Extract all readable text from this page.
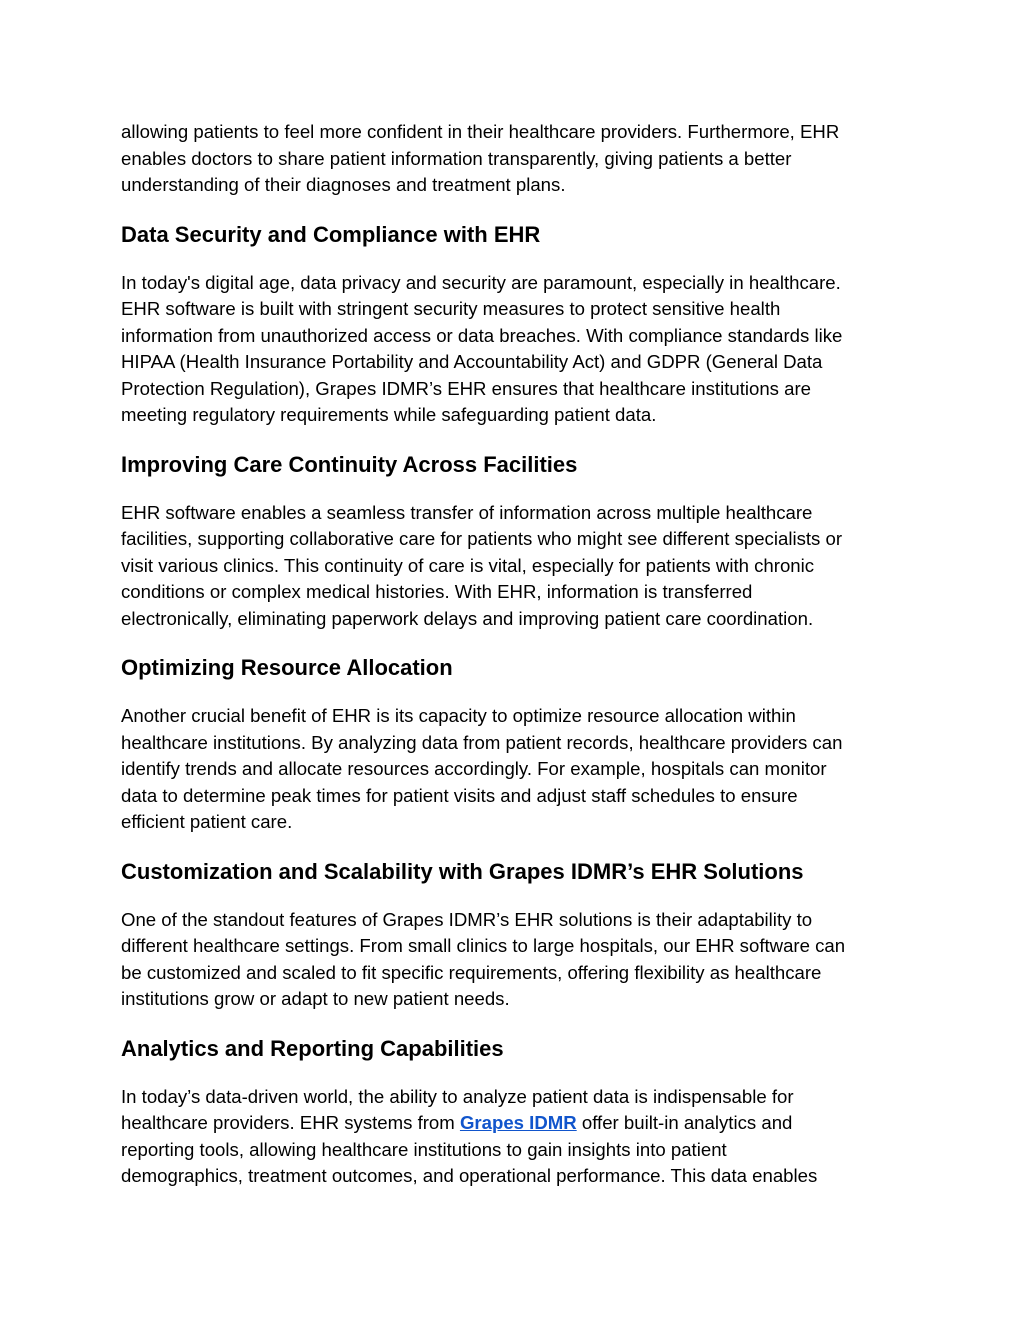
allowing patients to feel more confident in their healthcare providers. Furthermore, EHR
enables doctors to share patient information transparently, giving patients a better
understanding of their diagnoses and treatment plans.

Data Security and Compliance with EHR

In today's digital age, data privacy and security are paramount, especially in healthcare.
EHR software is built with stringent security measures to protect sensitive health
information from unauthorized access or data breaches. With compliance standards like
HIPAA (Health Insurance Portability and Accountability Act) and GDPR (General Data
Protection Regulation), Grapes IDMR’s EHR ensures that healthcare institutions are
meeting regulatory requirements while safeguarding patient data.

Improving Care Continuity Across Facilities

EHR software enables a seamless transfer of information across multiple healthcare
facilities, supporting collaborative care for patients who might see different specialists or
visit various clinics. This continuity of care is vital, especially for patients with chronic
conditions or complex medical histories. With EHR, information is transferred
electronically, eliminating paperwork delays and improving patient care coordination.

Optimizing Resource Allocation

Another crucial benefit of EHR is its capacity to optimize resource allocation within
healthcare institutions. By analyzing data from patient records, healthcare providers can
identify trends and allocate resources accordingly. For example, hospitals can monitor
data to determine peak times for patient visits and adjust staff schedules to ensure
efficient patient care.

Customization and Scalability with Grapes IDMR’s EHR Solutions

One of the standout features of Grapes IDMR’s EHR solutions is their adaptability to
different healthcare settings. From small clinics to large hospitals, our EHR software can
be customized and scaled to fit specific requirements, offering flexibility as healthcare
institutions grow or adapt to new patient needs.

Analytics and Reporting Capabilities

In today’s data-driven world, the ability to analyze patient data is indispensable for
healthcare providers. EHR systems from Grapes IDMR offer built-in analytics and
reporting tools, allowing healthcare institutions to gain insights into patient
demographics, treatment outcomes, and operational performance. This data enables
